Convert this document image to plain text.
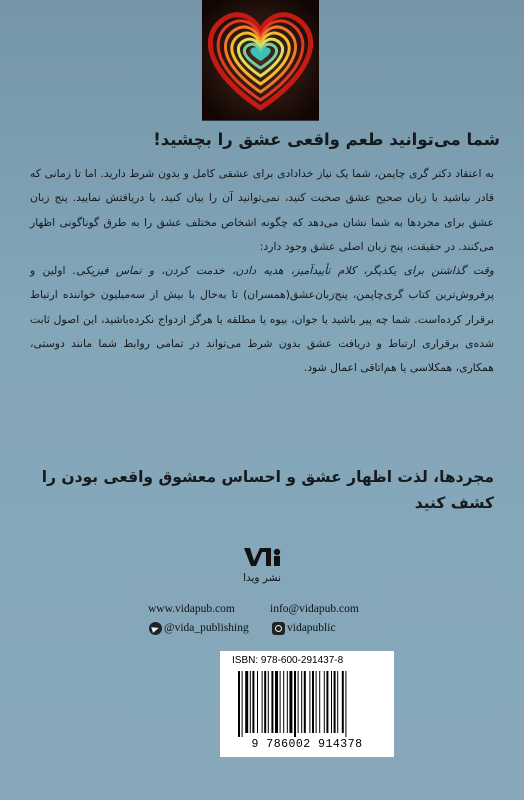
شما می‌توانید طعم واقعی عشق را بچشید!

به اعتقاد دکتر گری چاپمن، شما یک نیاز خدادادی برای عشقی کامل و بدون شرط دارید. اما تا زمانی که قادر نباشید با زبان صحیح عشق صحبت کنید، نمی‌توانید آن را بیان کنید، یا دریافتش نمایید. پنج زبان عشق برای مجردها به شما نشان می‌دهد که چگونه اشخاص مختلف عشق را به طرق گوناگونی اظهار می‌کنند. در حقیقت، پنج زبان اصلی عشق وجود دارد:

وقت گذاشتن برای یکدیگر، کلام تأییدآمیز، هدیه دادن، خدمت کردن، و تماس فیزیکی. اولین و پرفروش‌ترین کتاب گری‌چاپمن، پنج‌زبان‌عشق(همسران) تا به‌حال با بیش از سه‌میلیون خواننده ارتباط برقرار کرده‌است. شما چه پیر باشید یا جوان، بیوه یا مطلقه یا هرگز ازدواج نکرده‌باشید، این اصول ثابت شده‌ی برقراری ارتباط و دریافت عشق بدون شرط می‌تواند در تمامی روابط شما مانند دوستی، همکاری، همکلاسی یا هم‌اتاقی اعمال شود.

مجردها، لذت اظهار عشق و احساس معشوق واقعی بودن را کشف کنید
نشر ویدا
www.vidapub.com	info@vidapub.com
@vida_publishing	vidapublic
ISBN: 978-600-291437-8
9 786002 914378
